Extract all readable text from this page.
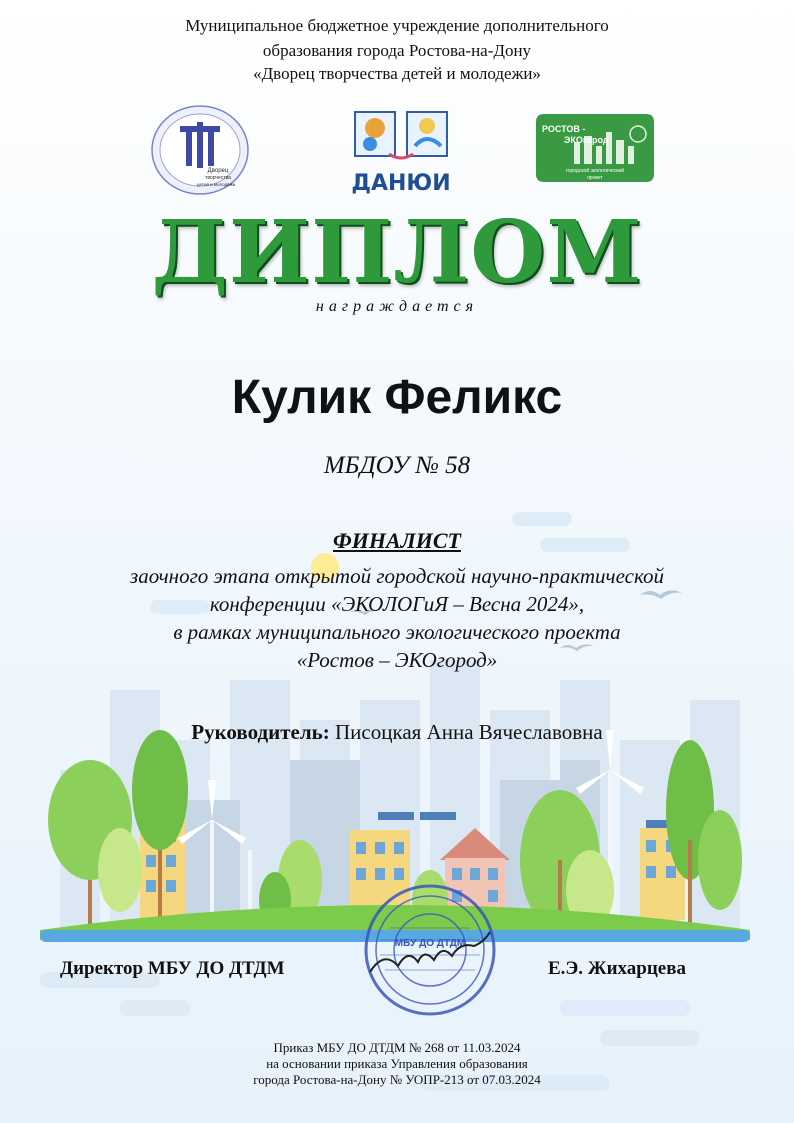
Муниципальное бюджетное учреждение дополнительного
образования города Ростова-на-Дону
«Дворец творчества детей и молодежи»
Дворец
творчества
детей и молодёжи	ДАНЮИ
РОСТОВ -
ЭКОгород
городской экологический
проект
ДИПЛОМ
награждается
Кулик Феликс
МБДОУ № 58
ФИНАЛИСТ
заочного этапа открытой городской научно-практической
конференции «ЭКОЛОГиЯ – Весна 2024»,
в рамках муниципального экологического проекта
«Ростов – ЭКОгород»
Руководитель: Писоцкая Анна Вячеславовна
МБУ ДО ДТДМ
Директор МБУ ДО ДТДМ	Е.Э. Жихарцева
Приказ МБУ ДО ДТДМ № 268 от 11.03.2024
на основании приказа Управления образования
города Ростова-на-Дону № УОПР-213 от 07.03.2024
